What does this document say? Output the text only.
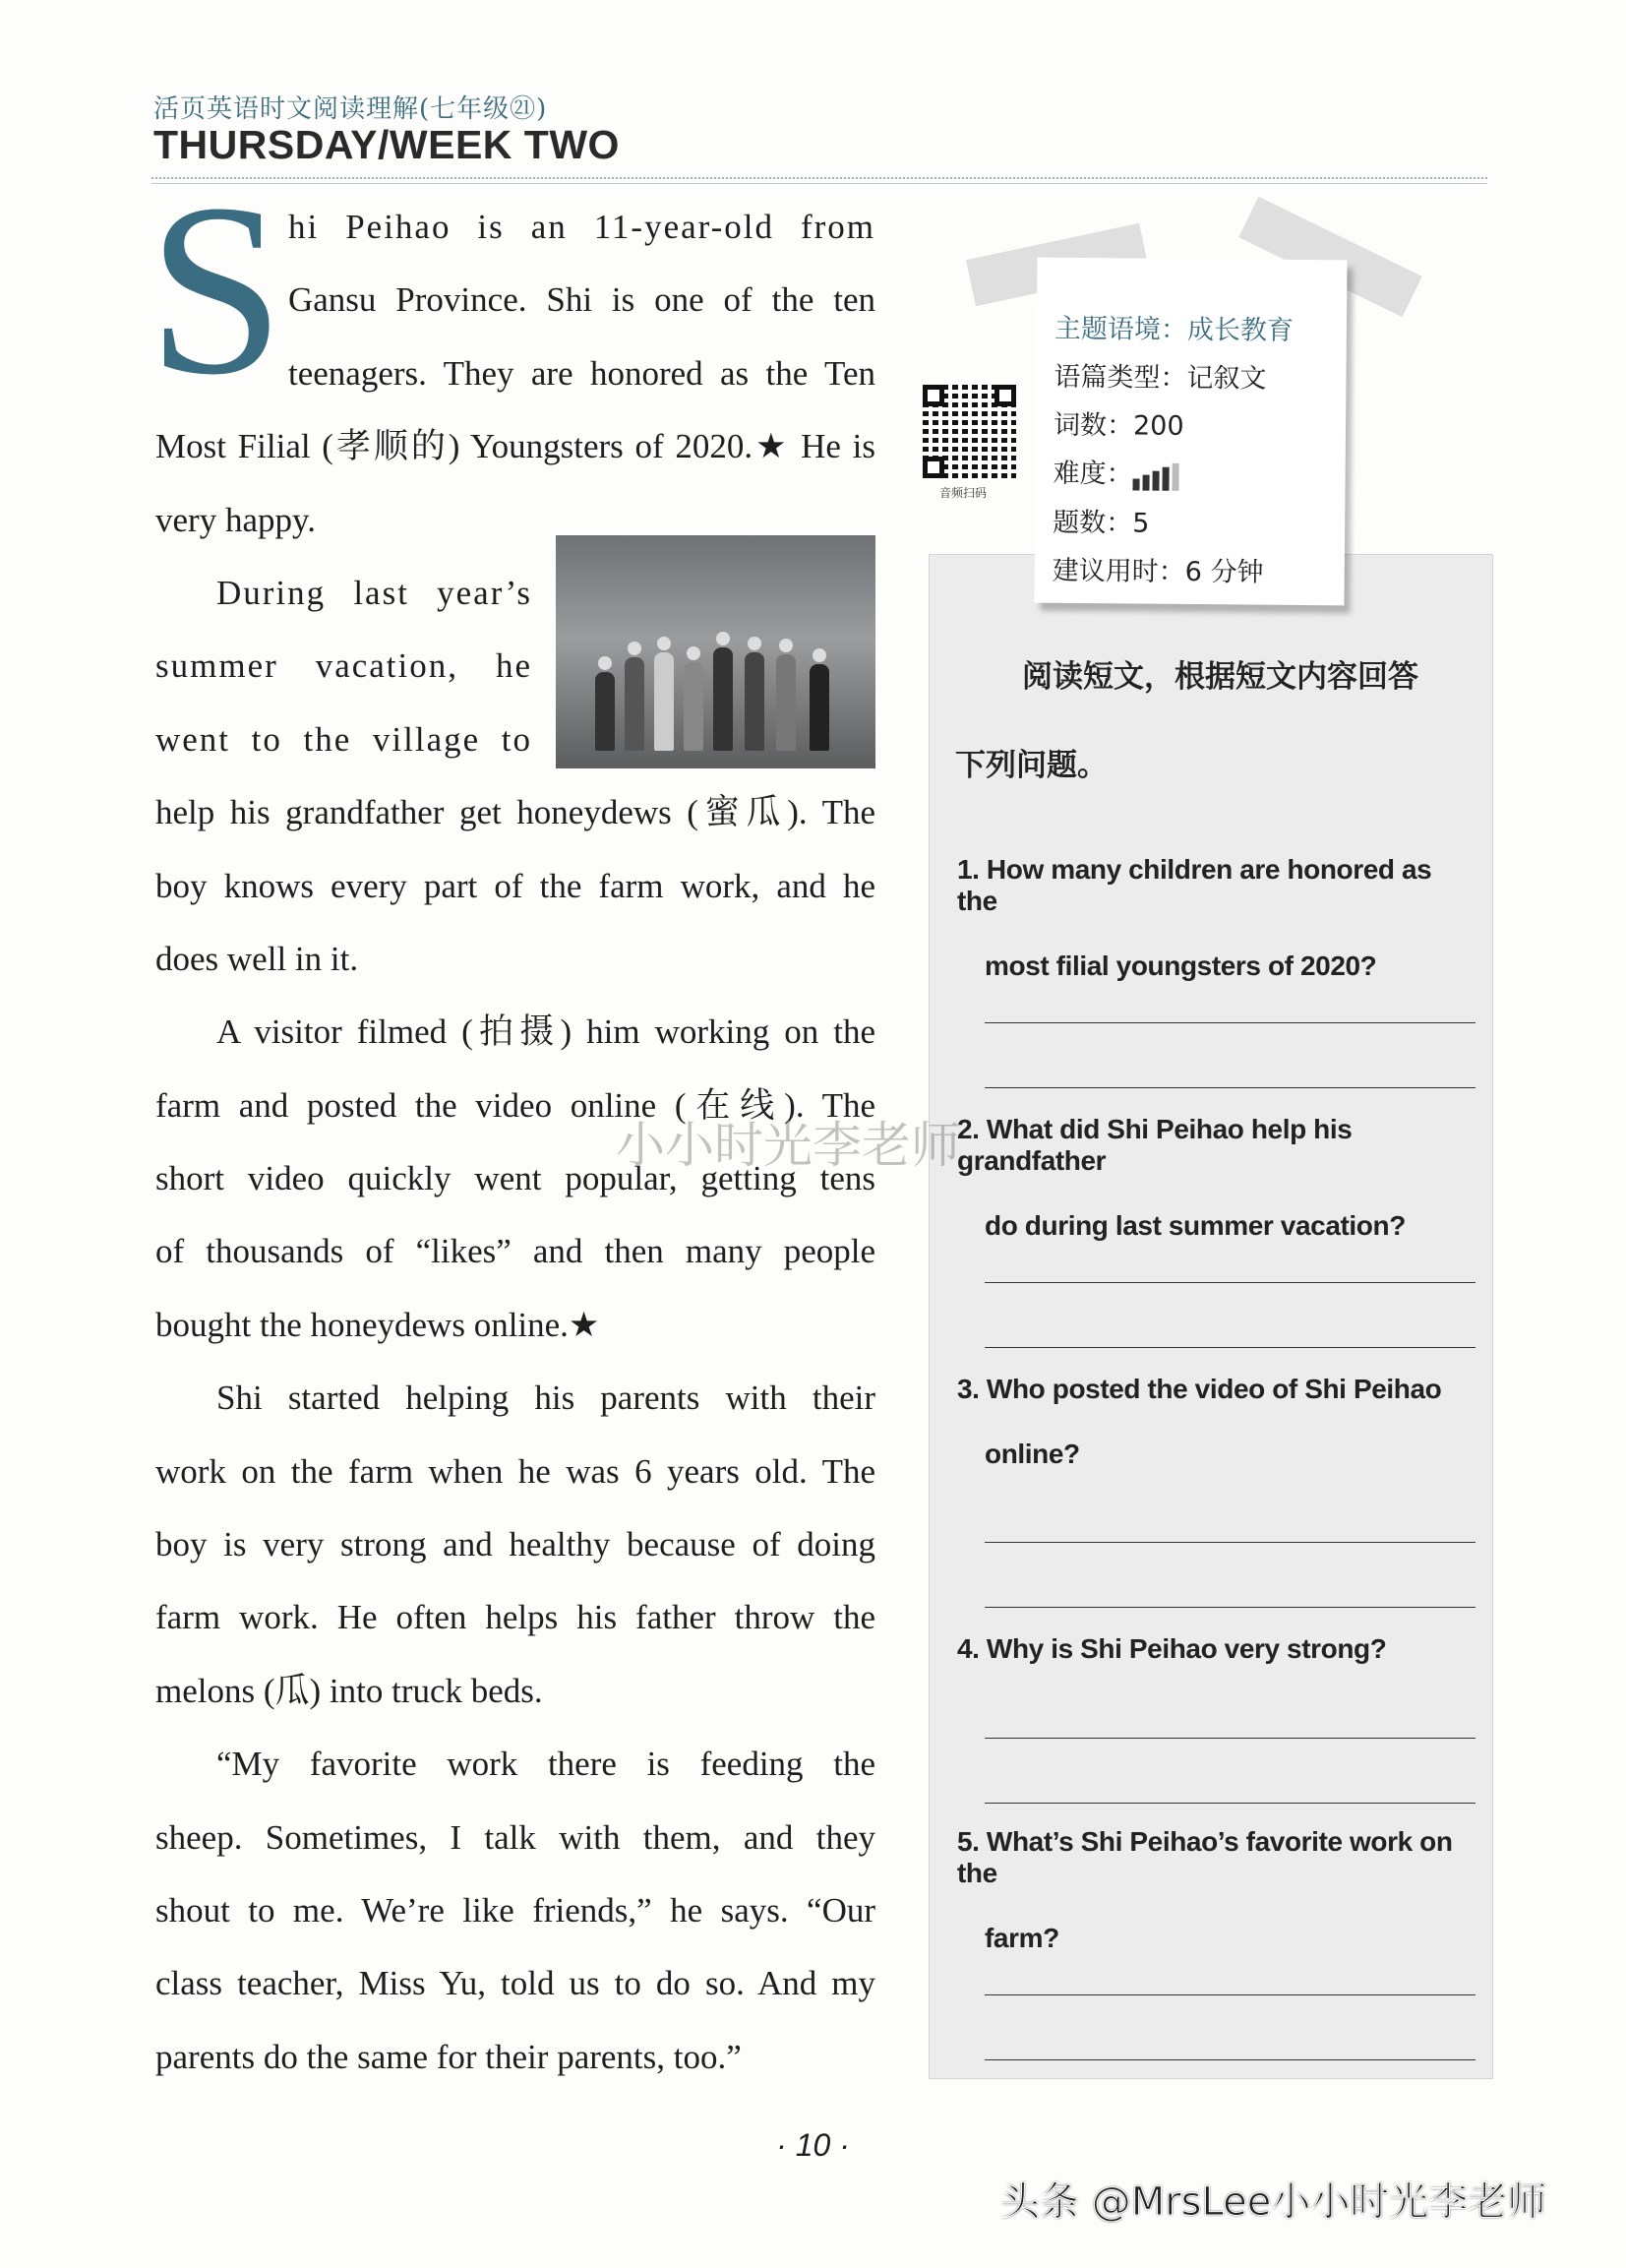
活页英语时文阅读理解(七年级㉑)
THURSDAY/WEEK TWO
S hi Peihao is an 11-year-old from
Gansu Province. Shi is one of the ten
teenagers. They are honored as the Ten
Most Filial (孝顺的) Youngsters of 2020.★ He is
very happy.
During last year’s
summer vacation, he
went to the village to
help his grandfather get honeydews (蜜瓜). The
boy knows every part of the farm work, and he
does well in it.
A visitor filmed (拍摄) him working on the
farm and posted the video online (在线). The
short video quickly went popular, getting tens
of thousands of “likes” and then many people
bought the honeydews online.★
Shi started helping his parents with their
work on the farm when he was 6 years old. The
boy is very strong and healthy because of doing
farm work. He often helps his father throw the
melons (瓜) into truck beds.
“My favorite work there is feeding the
sheep. Sometimes, I talk with them, and they
shout to me. We’re like friends,” he says. “Our
class teacher, Miss Yu, told us to do so. And my
parents do the same for their parents, too.”
阅读短文，根据短文内容回答
下列问题。
主题语境：成长教育
语篇类型：记叙文
词数：200
难度：
题数：5
建议用时：6 分钟
音频扫码
1. How many children are honored as the
most filial youngsters of 2020?
2. What did Shi Peihao help his grandfather
do during last summer vacation?
3. Who posted the video of Shi Peihao
online?
4. Why is Shi Peihao very strong?
5. What’s Shi Peihao’s favorite work on the
farm?
· 10 ·
小小时光李老师
头条 @MrsLee小小时光李老师
